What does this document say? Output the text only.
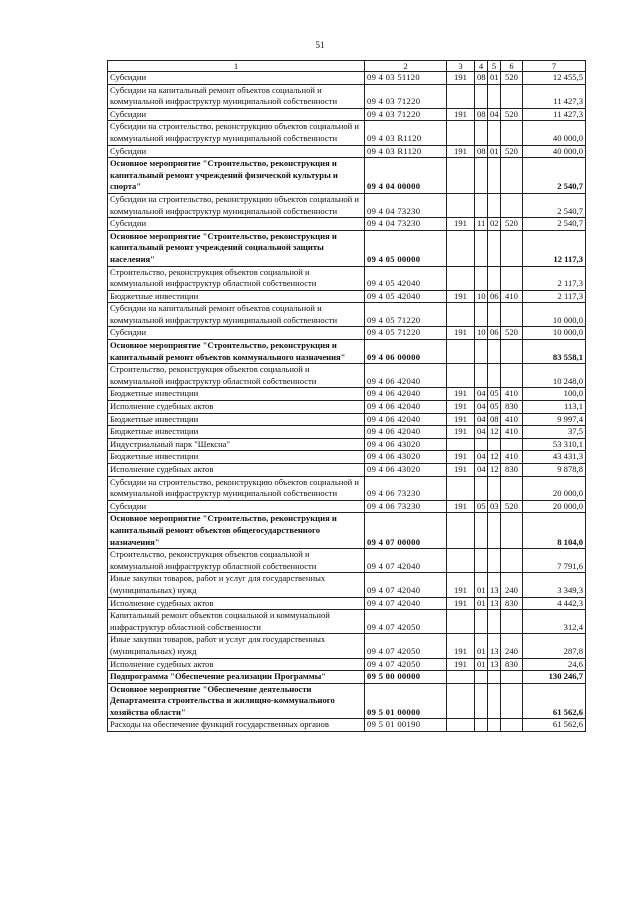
51
1	2	3	4	5	6	7
Субсидии	09 4 03 51120	191	08	01	520	12 455,5
Субсидии на капитальный ремонт объектов социальной и коммунальной инфраструктур муниципальной собственности	09 4 03 71220					11 427,3
Субсидии	09 4 03 71220	191	08	04	520	11 427,3
Субсидии на строительство, реконструкцию объектов социальной и коммунальной инфраструктур муниципальной собственности	09 4 03 R1120					40 000,0
Субсидии	09 4 03 R1120	191	08	01	520	40 000,0
Основное мероприятие "Строительство, реконструкция и капитальный ремонт учреждений физической культуры и спорта"	09 4 04 00000					2 540,7
Субсидии на строительство, реконструкцию объектов социальной и коммунальной инфраструктур муниципальной собственности	09 4 04 73230					2 540,7
Субсидии	09 4 04 73230	191	11	02	520	2 540,7
Основное мероприятие "Строительство, реконструкция и капитальный ремонт учреждений социальной защиты населения"	09 4 05 00000					12 117,3
Строительство, реконструкция объектов социальной и коммунальной инфраструктур областной собственности	09 4 05 42040					2 117,3
Бюджетные инвестиции	09 4 05 42040	191	10	06	410	2 117,3
Субсидии на капитальный ремонт объектов социальной и коммунальной инфраструктур муниципальной собственности	09 4 05 71220					10 000,0
Субсидии	09 4 05 71220	191	10	06	520	10 000,0
Основное мероприятие "Строительство, реконструкция и капитальный ремонт объектов коммунального назначения"	09 4 06 00000					83 558,1
Строительство, реконструкция объектов социальной и коммунальной инфраструктур областной собственности	09 4 06 42040					10 248,0
Бюджетные инвестиции	09 4 06 42040	191	04	05	410	100,0
Исполнение судебных актов	09 4 06 42040	191	04	05	830	113,1
Бюджетные инвестиции	09 4 06 42040	191	04	08	410	9 997,4
Бюджетные инвестиции	09 4 06 42040	191	04	12	410	37,5
Индустриальный парк "Шексна"	09 4 06 43020					53 310,1
Бюджетные инвестиции	09 4 06 43020	191	04	12	410	43 431,3
Исполнение судебных актов	09 4 06 43020	191	04	12	830	9 878,8
Субсидии на строительство, реконструкцию объектов социальной и коммунальной инфраструктур муниципальной собственности	09 4 06 73230					20 000,0
Субсидии	09 4 06 73230	191	05	03	520	20 000,0
Основное мероприятие "Строительство, реконструкция и капитальный ремонт объектов общегосударственного назначения"	09 4 07 00000					8 104,0
Строительство, реконструкция объектов социальной и коммунальной инфраструктур областной собственности	09 4 07 42040					7 791,6
Иные закупки товаров, работ и услуг для государственных (муниципальных) нужд	09 4 07 42040	191	01	13	240	3 349,3
Исполнение судебных актов	09 4 07 42040	191	01	13	830	4 442,3
Капитальный ремонт объектов социальной и коммунальной инфраструктур областной собственности	09 4 07 42050					312,4
Иные закупки товаров, работ и услуг для государственных (муниципальных) нужд	09 4 07 42050	191	01	13	240	287,8
Исполнение судебных актов	09 4 07 42050	191	01	13	830	24,6
Подпрограмма "Обеспечение реализации Программы"	09 5 00 00000					130 246,7
Основное мероприятие "Обеспечение деятельности Департамента строительства и жилищно-коммунального хозяйства области"	09 5 01 00000					61 562,6
Расходы на обеспечение функций государственных органов	09 5 01 00190					61 562,6
